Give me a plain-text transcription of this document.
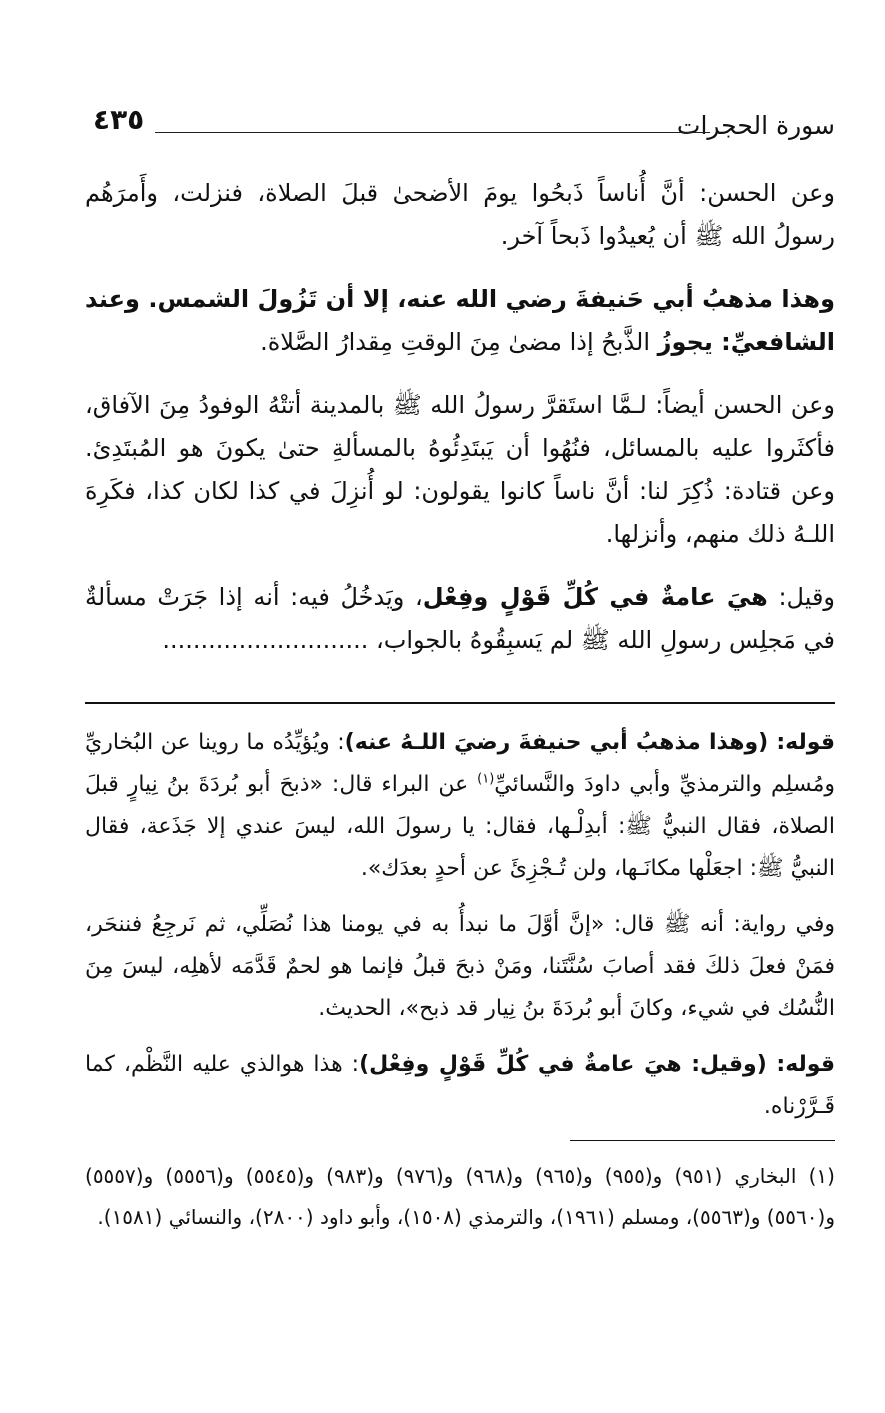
سورة الحجرات
٤٣٥

وعن الحسن: أنَّ أُناساً ذَبحُوا يومَ الأضحىٰ قبلَ الصلاة، فنزلت، وأَمرَهُم رسولُ الله ﷺ أن يُعيدُوا ذَبحاً آخر.

وهذا مذهبُ أبي حَنيفةَ رضي الله عنه، إلا أن تَزُولَ الشمس. وعند الشافعيِّ: يجوزُ الذَّبحُ إذا مضىٰ مِنَ الوقتِ مِقدارُ الصَّلاة.

وعن الحسن أيضاً: لـمَّا استَقرَّ رسولُ الله ﷺ بالمدينة أتتْهُ الوفودُ مِنَ الآفاق، فأكثَروا عليه بالمسائل، فنُهُوا أن يَبتَدِئُوهُ بالمسألةِ حتىٰ يكونَ هو المُبتَدِئ. وعن قتادة: ذُكِرَ لنا: أنَّ ناساً كانوا يقولون: لو أُنزِلَ في كذا لكان كذا، فكَرِهَ اللـهُ ذلك منهم، وأنزلها.

وقيل: هيَ عامةٌ في كُلِّ قَوْلٍ وفِعْل، ويَدخُلُ فيه: أنه إذا جَرَتْ مسألةٌ في مَجلِس رسولِ الله ﷺ لم يَسبِقُوهُ بالجواب، ...........................

قوله: (وهذا مذهبُ أبي حنيفةَ رضيَ اللـهُ عنه): ويُؤيِّدُه ما روينا عن البُخاريِّ ومُسلِم والترمذيِّ وأبي داودَ والنَّسائيِّ$^{(١)}$ عن البراء قال: «ذبحَ أبو بُردَةَ بنُ نِيارٍ قبلَ الصلاة، فقال النبيُّ ﷺ: أبدِلْـها، فقال: يا رسولَ الله، ليسَ عندي إلا جَذَعة، فقال النبيُّ ﷺ: اجعَلْها مكانَـها، ولن تُـجْزِئَ عن أحدٍ بعدَك».

وفي رواية: أنه ﷺ قال: «إنَّ أوَّلَ ما نبدأُ به في يومنا هذا نُصَلِّي، ثم نَرجِعُ فننحَر، فمَنْ فعلَ ذلكَ فقد أصابَ سُنَّتَنا، ومَنْ ذبحَ قبلُ فإنما هو لحمٌ قَدَّمَه لأهلِه، ليسَ مِنَ النُّسُك في شيء، وكانَ أبو بُردَةَ بنُ نِيار قد ذبح»، الحديث.

قوله: (وقيل: هيَ عامةٌ في كُلِّ قَوْلٍ وفِعْل): هذا هوالذي عليه النَّظْم، كما قَـرَّرْناه.

(١) البخاري (٩٥١) و(٩٥٥) و(٩٦٥) و(٩٦٨) و(٩٧٦) و(٩٨٣) و(٥٥٤٥) و(٥٥٥٦) و(٥٥٥٧) و(٥٥٦٠) و(٥٥٦٣)، ومسلم (١٩٦١)، والترمذي (١٥٠٨)، وأبو داود (٢٨٠٠)، والنسائي (١٥٨١).
